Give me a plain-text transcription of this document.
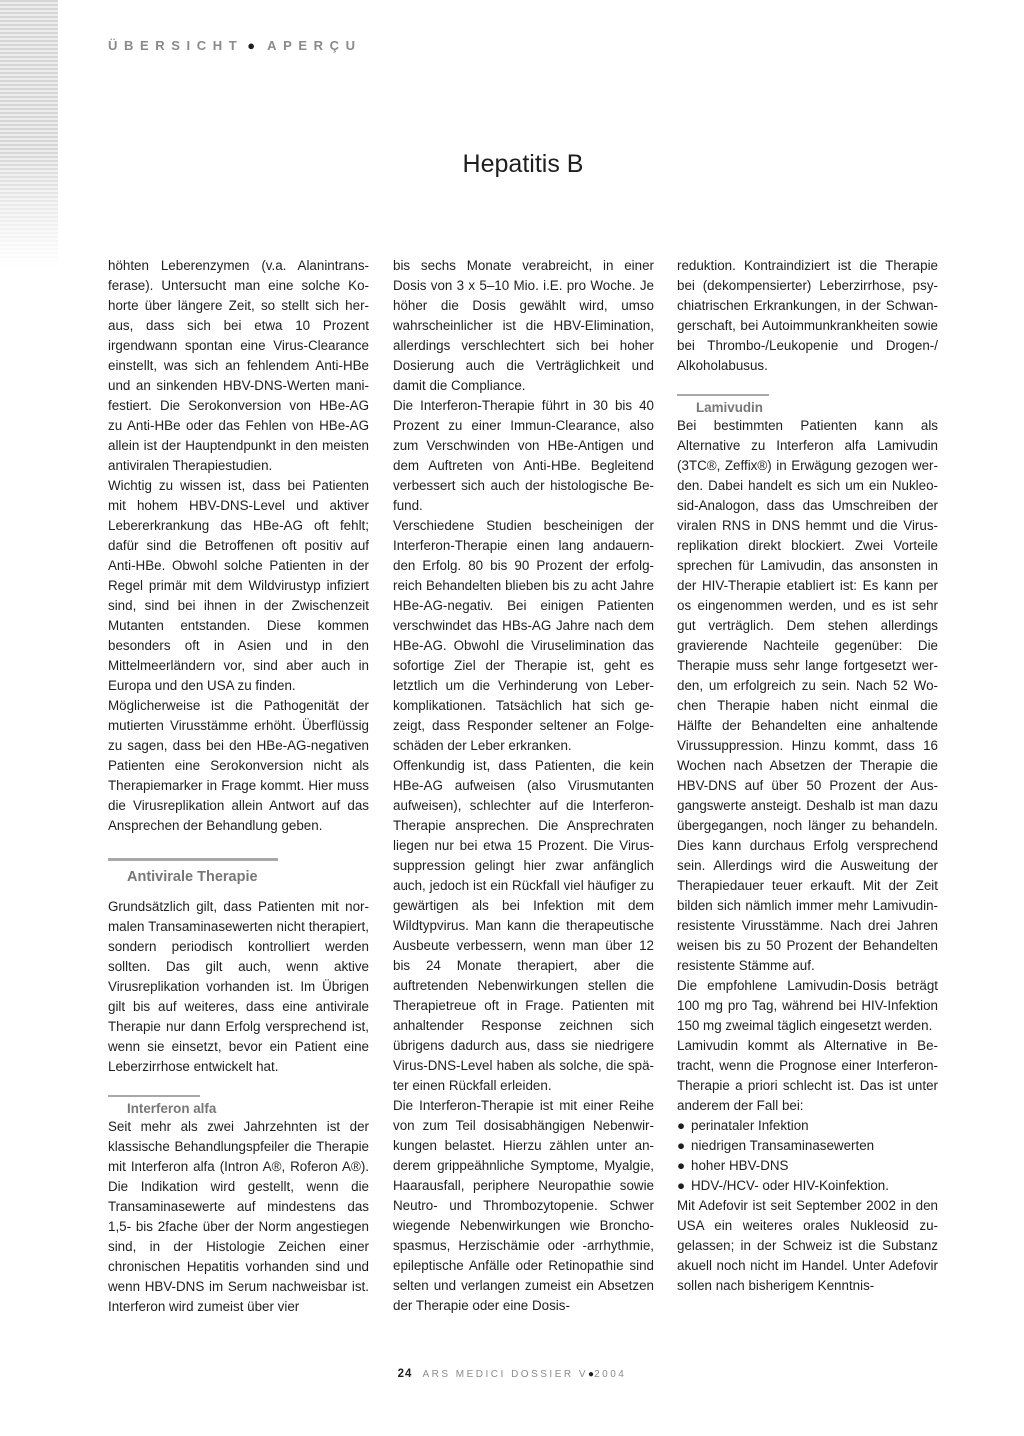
ÜBERSICHT ● APERÇU
Hepatitis B

höhten Leberenzymen (v.a. Alanintransferase). Untersucht man eine solche Kohorte über längere Zeit, so stellt sich heraus, dass sich bei etwa 10 Prozent irgendwann spontan eine Virus-Clearance einstellt, was sich an fehlendem Anti-HBe und an sinkenden HBV-DNS-Werten manifestiert. Die Serokonversion von HBe-AG zu Anti-HBe oder das Fehlen von HBe-AG allein ist der Hauptendpunkt in den meisten antiviralen Therapiestudien.

Wichtig zu wissen ist, dass bei Patienten mit hohem HBV-DNS-Level und aktiver Lebererkrankung das HBe-AG oft fehlt; dafür sind die Betroffenen oft positiv auf Anti-HBe. Obwohl solche Patienten in der Regel primär mit dem Wildvirustyp infiziert sind, sind bei ihnen in der Zwischenzeit Mutanten entstanden. Diese kommen besonders oft in Asien und in den Mittelmeerländern vor, sind aber auch in Europa und den USA zu finden.

Möglicherweise ist die Pathogenität der mutierten Virusstämme erhöht. Überflüssig zu sagen, dass bei den HBe-AG-negativen Patienten eine Serokonversion nicht als Therapiemarker in Frage kommt. Hier muss die Virusreplikation allein Antwort auf das Ansprechen der Behandlung geben.

Antivirale Therapie

Grundsätzlich gilt, dass Patienten mit normalen Transaminasewerten nicht therapiert, sondern periodisch kontrolliert werden sollten. Das gilt auch, wenn aktive Virusreplikation vorhanden ist. Im Übrigen gilt bis auf weiteres, dass eine antivirale Therapie nur dann Erfolg versprechend ist, wenn sie einsetzt, bevor ein Patient eine Leberzirrhose entwickelt hat.

Interferon alfa

Seit mehr als zwei Jahrzehnten ist der klassische Behandlungspfeiler die Therapie mit Interferon alfa (Intron A®, Roferon A®). Die Indikation wird gestellt, wenn die Transaminasewerte auf mindestens das 1,5- bis 2fache über der Norm angestiegen sind, in der Histologie Zeichen einer chronischen Hepatitis vorhanden sind und wenn HBV-DNS im Serum nachweisbar ist. Interferon wird zumeist über vier

bis sechs Monate verabreicht, in einer Dosis von 3 x 5–10 Mio. i.E. pro Woche. Je höher die Dosis gewählt wird, umso wahrscheinlicher ist die HBV-Elimination, allerdings verschlechtert sich bei hoher Dosierung auch die Verträglichkeit und damit die Compliance.

Die Interferon-Therapie führt in 30 bis 40 Prozent zu einer Immun-Clearance, also zum Verschwinden von HBe-Antigen und dem Auftreten von Anti-HBe. Begleitend verbessert sich auch der histologische Befund.

Verschiedene Studien bescheinigen der Interferon-Therapie einen lang andauernden Erfolg. 80 bis 90 Prozent der erfolgreich Behandelten blieben bis zu acht Jahre HBe-AG-negativ. Bei einigen Patienten verschwindet das HBs-AG Jahre nach dem HBe-AG. Obwohl die Viruselimination das sofortige Ziel der Therapie ist, geht es letztlich um die Verhinderung von Leberkomplikationen. Tatsächlich hat sich gezeigt, dass Responder seltener an Folgeschäden der Leber erkranken.

Offenkundig ist, dass Patienten, die kein HBe-AG aufweisen (also Virusmutanten aufweisen), schlechter auf die Interferon-Therapie ansprechen. Die Ansprechraten liegen nur bei etwa 15 Prozent. Die Virussuppression gelingt hier zwar anfänglich auch, jedoch ist ein Rückfall viel häufiger zu gewärtigen als bei Infektion mit dem Wildtypvirus. Man kann die therapeutische Ausbeute verbessern, wenn man über 12 bis 24 Monate therapiert, aber die auftretenden Nebenwirkungen stellen die Therapietreue oft in Frage. Patienten mit anhaltender Response zeichnen sich übrigens dadurch aus, dass sie niedrigere Virus-DNS-Level haben als solche, die später einen Rückfall erleiden.

Die Interferon-Therapie ist mit einer Reihe von zum Teil dosisabhängigen Nebenwirkungen belastet. Hierzu zählen unter anderem grippeähnliche Symptome, Myalgie, Haarausfall, periphere Neuropathie sowie Neutro- und Thrombozytopenie. Schwer wiegende Nebenwirkungen wie Bronchospasmus, Herzischämie oder -arrhythmie, epileptische Anfälle oder Retinopathie sind selten und verlangen zumeist ein Absetzen der Therapie oder eine Dosis-

reduktion. Kontraindiziert ist die Therapie bei (dekompensierter) Leberzirrhose, psychiatrischen Erkrankungen, in der Schwangerschaft, bei Autoimmunkrankheiten sowie bei Thrombo-/Leukopenie und Drogen-/ Alkoholabusus.

Lamivudin

Bei bestimmten Patienten kann als Alternative zu Interferon alfa Lamivudin (3TC®, Zeffix®) in Erwägung gezogen werden. Dabei handelt es sich um ein Nukleosid-Analogon, dass das Umschreiben der viralen RNS in DNS hemmt und die Virusreplikation direkt blockiert. Zwei Vorteile sprechen für Lamivudin, das ansonsten in der HIV-Therapie etabliert ist: Es kann per os eingenommen werden, und es ist sehr gut verträglich. Dem stehen allerdings gravierende Nachteile gegenüber: Die Therapie muss sehr lange fortgesetzt werden, um erfolgreich zu sein. Nach 52 Wochen Therapie haben nicht einmal die Hälfte der Behandelten eine anhaltende Virussuppression. Hinzu kommt, dass 16 Wochen nach Absetzen der Therapie die HBV-DNS auf über 50 Prozent der Ausgangswerte ansteigt. Deshalb ist man dazu übergegangen, noch länger zu behandeln. Dies kann durchaus Erfolg versprechend sein. Allerdings wird die Ausweitung der Therapiedauer teuer erkauft. Mit der Zeit bilden sich nämlich immer mehr Lamivudin-resistente Virusstämme. Nach drei Jahren weisen bis zu 50 Prozent der Behandelten resistente Stämme auf.

Die empfohlene Lamivudin-Dosis beträgt 100 mg pro Tag, während bei HIV-Infektion 150 mg zweimal täglich eingesetzt werden.

Lamivudin kommt als Alternative in Betracht, wenn die Prognose einer Interferon-Therapie a priori schlecht ist. Das ist unter anderem der Fall bei:

● perinataler Infektion
● niedrigen Transaminasewerten
● hoher HBV-DNS
● HDV-/HCV- oder HIV-Koinfektion.

Mit Adefovir ist seit September 2002 in den USA ein weiteres orales Nukleosid zugelassen; in der Schweiz ist die Substanz akuell noch nicht im Handel. Unter Adefovir sollen nach bisherigem Kenntnis-

24 ARS MEDICI DOSSIER V●2004
